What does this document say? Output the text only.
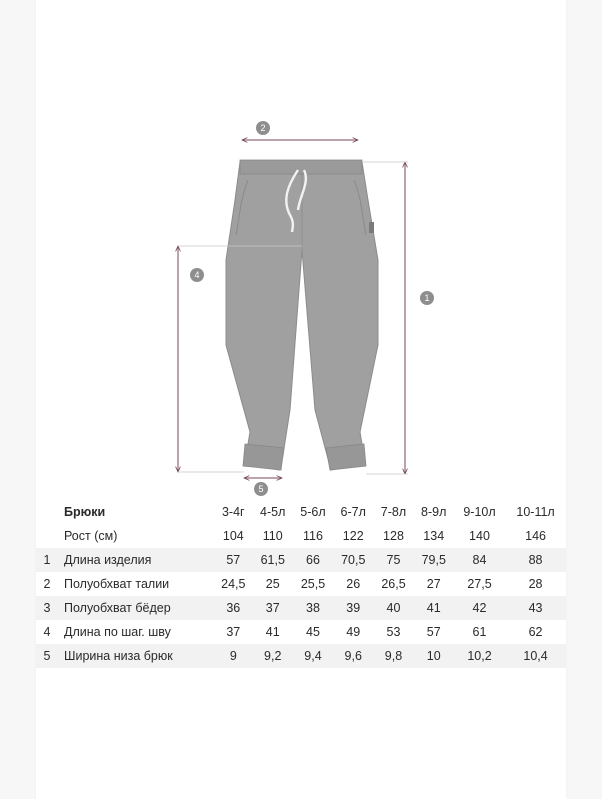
2
1
4
5
	Брюки	3-4г	4-5л	5-6л	6-7л	7-8л	8-9л	9-10л	10-11л
	Рост (см)	104	110	116	122	128	134	140	146
1	Длина изделия	57	61,5	66	70,5	75	79,5	84	88
2	Полуобхват талии	24,5	25	25,5	26	26,5	27	27,5	28
3	Полуобхват бёдер	36	37	38	39	40	41	42	43
4	Длина по шаг. шву	37	41	45	49	53	57	61	62
5	Ширина низа брюк	9	9,2	9,4	9,6	9,8	10	10,2	10,4
